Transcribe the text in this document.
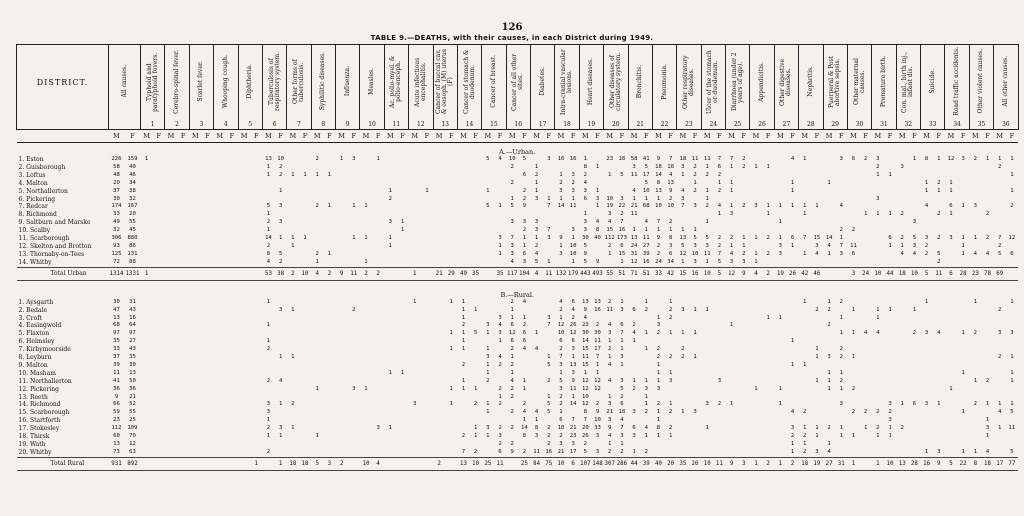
126
TABLE 9.—DEATHS, with their causes, in each District during 1949.
DISTRICT.	All causes.	Typhoid and paratyphoid fevers.	Cerebro-spinal fever.	Scarlet fever.	Whooping cough.	Diphtheria.	Tuberculosis of respiratory system.	Other forms of tuberculosis.	Syphilitic diseases.	Influenza.	Measles.	Ac. polio-myel. & polio-enceph.	Acute infectious encephalitis.	Cancer of buccal cav. & oesoph. (M) uterus (F)	Cancer of stomach & duodenum.	Cancer of breast.	Cancer of all other sites.	Diabetes.	Intra-cranial vascular lesions.	Heart diseases.	Other diseases of circulatory system.	Bronchitis.	Pneumonia.	Other respiratory diseases.	Ulcer of the stomach or duodenum.	Diarrhoea (under 2 years of age).	Appendicitis.	Other digestive diseases.	Nephritis.	Puerperal & Post abortive sepsis.	Other maternal causes.	Premature birth.	Con. mal., birth inj., infant dis.	Suicide.	Road traffic accidents.	Other violent causes.	All other causes.
		1	2	3	4	5	6	7	8	9	10	11	12	13	14	15	16	17	18	19	20	21	22	23	24	25	26	27	28	29	30	31	32	33	34	35	36
	M	F	M	F	M	F	M	F	M	F	M	F	M	F	M	F	M	F	M	F	M	F	M	F	M	F	M	F	M	F	M	F	M	F	M	F	M	F	M	F	M	F	M	F	M	F	M	F	M	F	M	F	M	F	M	F	M	F	M	F	M	F	M	F	M	F	M	F	M	F	M	F	M	F
A.—Urban.
1. Eston	226	159	1										13	10			2		1	3		1									5	4	10	5		3	16	16	1		23	18	58	41	9	7	18	11	11	7	7	2				4	1			3	6	2	3			1	8	1	12	3	2	1	1	1
2. Guisborough	58	40											1	2																			2		1				8	1			3	5	18	18	3	2	1	6	1	2	1	1									2		3								2	
3. Loftus	48	46											1	2	1	1	1	1																6	2		1	3	2		1	5	11	17	14	4	1	2	2	2													1	1										1
4. Malton	20	34																															2		1		2	2	4					5	8	13		1		1	1					1			1								1	2	1					
5. Northallerton	37	38												1									1			1					1			2	1		3	3	3	1			4	10	13	9	4	2	1	2	1					1											1	1	1					1
6. Pickering	30	32																					2										1	2	3	1	1	1	6	3	10	3	1	1	1	2	3		1														3											
7. Redcar	174	167											5	3			2	1		1	1										5	1	5	9		7	14	11		1	19	22	21	68	10	10	7	3	2	4	1	2	3	1	1	1	1	1		4							4		6	1	3			2
8. Richmond	33	20											1																										1		3	2	11							1	3			1			1					1	1	1	2			2	1			2		
9. Saltburn and Marske	49	55											2	3									3	1									3	3	3				3	4	4	7		4	7	2			1						1											3								
10. Scalby	32	45											1											1										2	3	7		3	3	8	15	16	1	1	1	1	1	1												2	2													
11. Scarborough	306	880											14	1	1	1				1	1		1									3	7	1	1	3	9	1	30	40	112	173	13	11	9	8	13	5	5	2	2	1	1	2	1	6	7	15	14	1				6	2	5	3	2	3	1	1	2	7	12
12. Skelton and Brotton	93	86											2		1								1									1	3	1	2		1	10	5		2	6	24	27	2	3	5	3	3	2	1	1			3	1		3	4	7	11			1	1	3	2			1			2	
13. Thornaby-on-Tees	125	131											8	5			2	1														1	3	6	4		3	10	9		1	15	31	39	2	6	12	10	11	7	4	2	1	2	3		1	4	1	3	6				4	4	2	5		1	4	4	5	6
14. Whitby	72	88											4	2			1				1												4	3	5	1		1	5	9		1	12	16	24	34	1	3	1	5	3	3	1															2						
Total Urban	1314	1331	1										53	38	2	10	4	2	9	11	2	2			1		21	29	49	35		35	117	104	4	11	132	179	443	493	55	51	71	51	33	42	15	16	10	5	12	9	4	2	19	26	42	46			3	24	10	44	18	10	5	11	6	28	23	78	69	

B.—Rural.
1. Aysgarth	30	31											1												1			1	1				2	4			4	6	13	13	2	1		1		1											1		1	2							1				1			1
2. Bedale	47	43												3	1					2									1	1			1				2	4	9	16	11	3	6	2		2	3	1	1									2	2		1		1	1		1							2	
3. Croft	13	16																											1			3	1	1		3	1	2	4						1	2								1	1					1			1											
4. Easingwold	68	64											1																2		3	4	6	2		7	12	26	23	2	4	6	2		3						1								2															
5. Flaxton	97	97																										1	1	5	1	3	12	6	1		10	12	30	30	3	7	4	1	2	1	1	1												1	1	4	4			2	3	4		1	2		3	3
6. Helmsley	35	27											1																1			1	6	6			6	6	14	11	1	1	1													1																		
7. Kirbymoorside	33	43											2															1	1		1		2	4	4		2	3	15	17	2	1		1	2		2											1		2														
8. Leyburn	37	35												1	1																3	4	1			1	7	1	11	7	1	3			2	2	2	1										1	3	2	1												2	1
9. Malton	39	30																											2		1	2	2			5	3	13	15	1	4	1			1											1	1																	
10. Masham	11	13																					1	1							1		1				1	3	1	1					1	1													1	1										1				1
11. Northallerton	41	50											2	4															1		2		4	1		2	5	9	12	12	4	3	1	1	1	3				3								1	1	2											1	2		1
12. Pickering	36	36															1			3	1							1	1	1		2	2	1			3	11	12	12		5	2	3	3								1		1				1	1	2								1					
13. Reeth	9	21																														1	2			1	2	1	10		1	2		1																														
14. Richmond	66	52											3	1	2										3			1		2	1	2		2		5	2	14	12	2	3	6		1	2	1			3	2	1				1					3				3	1	6	3	1			2	1	1	1
15. Scarborough	59	55											3																		1		2	4	4	5	1		8	9	21	18	3	2	1	2	1	3								4	2				2	2	2	2						1			4	5
16. Startforth	23	25											1																					1	1		6	7	7	10	3	4			1																			3								1		
17. Stokesley	112	109											2	3	1							3	1							1	3	2	2	14	8	2	10	21	20	33	9	7	6	4	8	2			1							3	1	1	2	1		1	2	1	2							3	1	11
18. Thirsk	60	70											1	1			1												2	1	1	3		8	3	2	2	23	26	3	4	3	3	1	1	1										2	2	1		1	1		1	1								1		
19. Wath	13	12																														2	2			2	3	3	2		1	1														1	1		1															
20. Whitby	73	63											2																7	2		6	9	2	11	16	21	17	5	3	2	2	1	2												1	2	3	4								1	3		1	1	4		5
Total Rural	931	892										1		1	18	18	5	3	2		10	4					2		13	10	25	11		25	84	75	10	6	107	148	307	286	44	39	40	20	35	26	10	11	9	3	1	2	1	2	18	19	27	31	1		1	10	13	28	16	9	5	22	8	18	17	77
